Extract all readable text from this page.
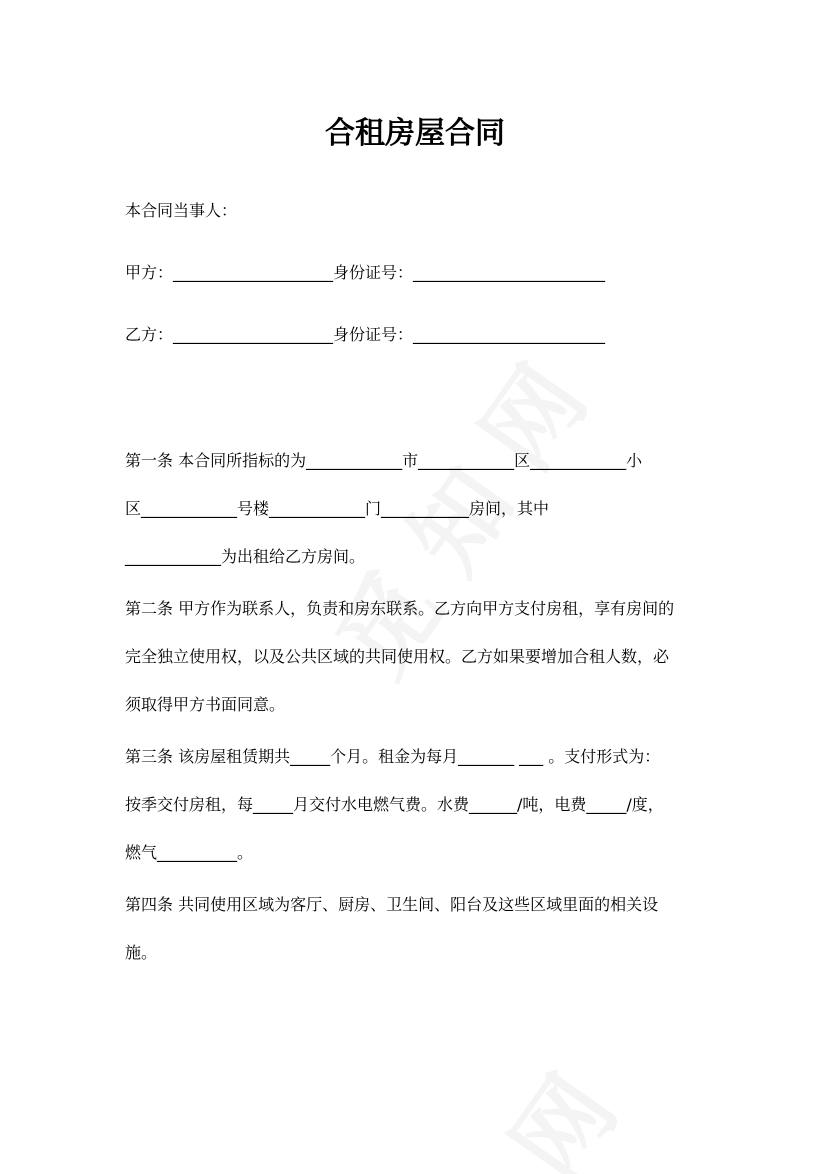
合租房屋合同
本合同当事人：
甲方：____________________身份证号：________________________
乙方：____________________身份证号：________________________
第一条 本合同所指标的为____________市____________区____________小
区____________号楼____________门___________房间，其中
____________为出租给乙方房间。
第二条 甲方作为联系人，负责和房东联系。乙方向甲方支付房租，享有房间的
完全独立使用权，以及公共区域的共同使用权。乙方如果要增加合租人数，必
须取得甲方书面同意。
第三条 该房屋租赁期共_____个月。租金为每月_______ ___ 。支付形式为：
按季交付房租，每_____月交付水电燃气费。水费______/吨，电费_____/度，
燃气__________。
第四条 共同使用区域为客厅、厨房、卫生间、阳台及这些区域里面的相关设
施。
